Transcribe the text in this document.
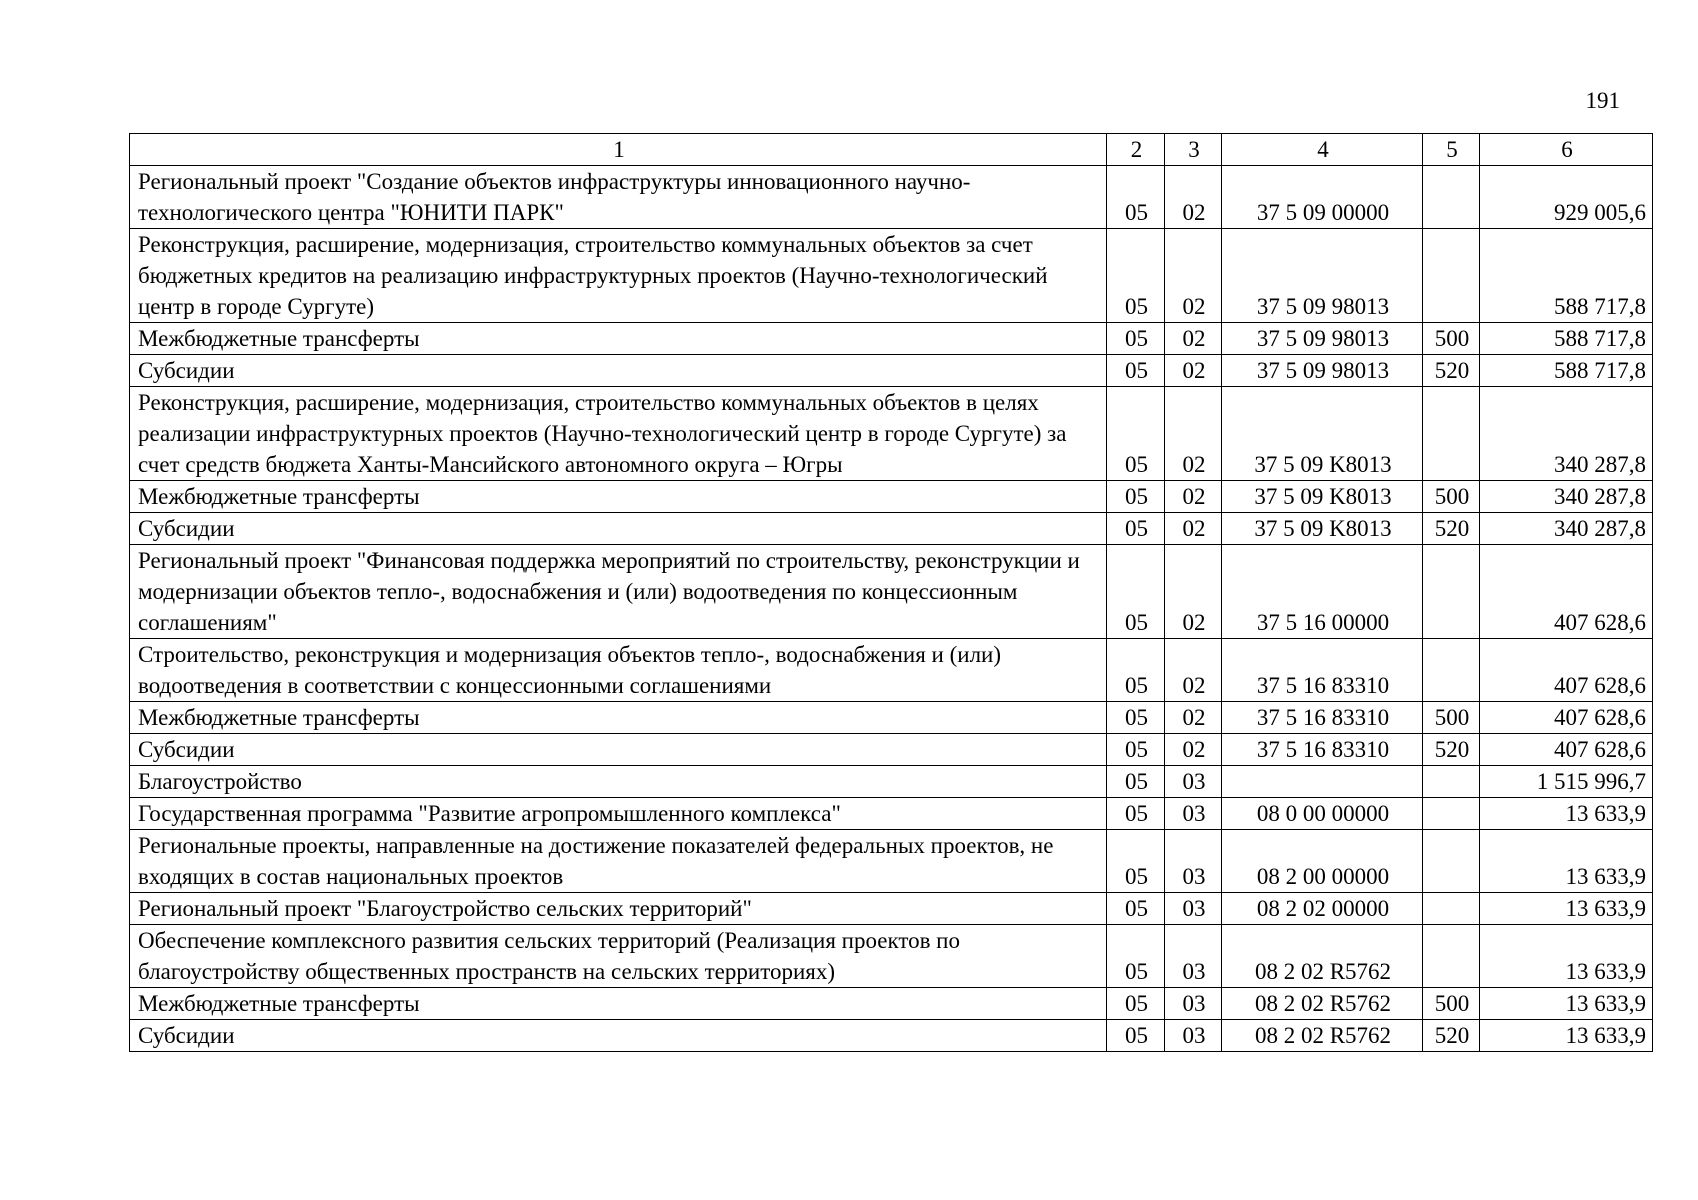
191
1	2	3	4	5	6
Региональный проект "Создание объектов инфраструктуры инновационного научно-технологического центра "ЮНИТИ ПАРК"	05	02	37 5 09 00000		929 005,6
Реконструкция, расширение, модернизация, строительство коммунальных объектов за счет бюджетных кредитов на реализацию инфраструктурных проектов (Научно-технологический центр в городе Сургуте)	05	02	37 5 09 98013		588 717,8
Межбюджетные трансферты	05	02	37 5 09 98013	500	588 717,8
Субсидии	05	02	37 5 09 98013	520	588 717,8
Реконструкция, расширение, модернизация, строительство коммунальных объектов в целях реализации инфраструктурных проектов (Научно-технологический центр в городе Сургуте) за счет средств бюджета Ханты-Мансийского автономного округа – Югры	05	02	37 5 09 K8013		340 287,8
Межбюджетные трансферты	05	02	37 5 09 K8013	500	340 287,8
Субсидии	05	02	37 5 09 K8013	520	340 287,8
Региональный проект "Финансовая поддержка мероприятий по строительству, реконструкции и модернизации объектов тепло-, водоснабжения и (или) водоотведения по концессионным соглашениям"	05	02	37 5 16 00000		407 628,6
Строительство, реконструкция и модернизация объектов тепло-, водоснабжения и (или) водоотведения в соответствии с концессионными соглашениями	05	02	37 5 16 83310		407 628,6
Межбюджетные трансферты	05	02	37 5 16 83310	500	407 628,6
Субсидии	05	02	37 5 16 83310	520	407 628,6
Благоустройство	05	03			1 515 996,7
Государственная программа "Развитие агропромышленного комплекса"	05	03	08 0 00 00000		13 633,9
Региональные проекты, направленные на достижение показателей федеральных проектов, не входящих в состав национальных проектов	05	03	08 2 00 00000		13 633,9
Региональный проект "Благоустройство сельских территорий"	05	03	08 2 02 00000		13 633,9
Обеспечение комплексного развития сельских территорий (Реализация проектов по благоустройству общественных пространств на сельских территориях)	05	03	08 2 02 R5762		13 633,9
Межбюджетные трансферты	05	03	08 2 02 R5762	500	13 633,9
Субсидии	05	03	08 2 02 R5762	520	13 633,9
